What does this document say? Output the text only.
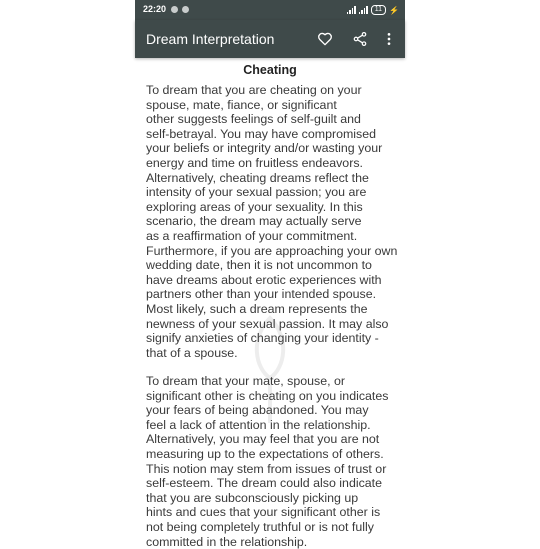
22:20	11 ⚡
Dream Interpretation
Cheating
To dream that you are cheating on your
spouse, mate, fiance, or significant
other suggests feelings of self-guilt and
self-betrayal. You may have compromised
your beliefs or integrity and/or wasting your
energy and time on fruitless endeavors.
Alternatively, cheating dreams reflect the
intensity of your sexual passion; you are
exploring areas of your sexuality. In this
scenario, the dream may actually serve
as a reaffirmation of your commitment.
Furthermore, if you are approaching your own
wedding date, then it is not uncommon to
have dreams about erotic experiences with
partners other than your intended spouse.
Most likely, such a dream represents the
newness of your sexual passion. It may also
signify anxieties of changing your identity -
that of a spouse.
To dream that your mate, spouse, or
significant other is cheating on you indicates
your fears of being abandoned. You may
feel a lack of attention in the relationship.
Alternatively, you may feel that you are not
measuring up to the expectations of others.
This notion may stem from issues of trust or
self-esteem. The dream could also indicate
that you are subconsciously picking up
hints and cues that your significant other is
not being completely truthful or is not fully
committed in the relationship.
